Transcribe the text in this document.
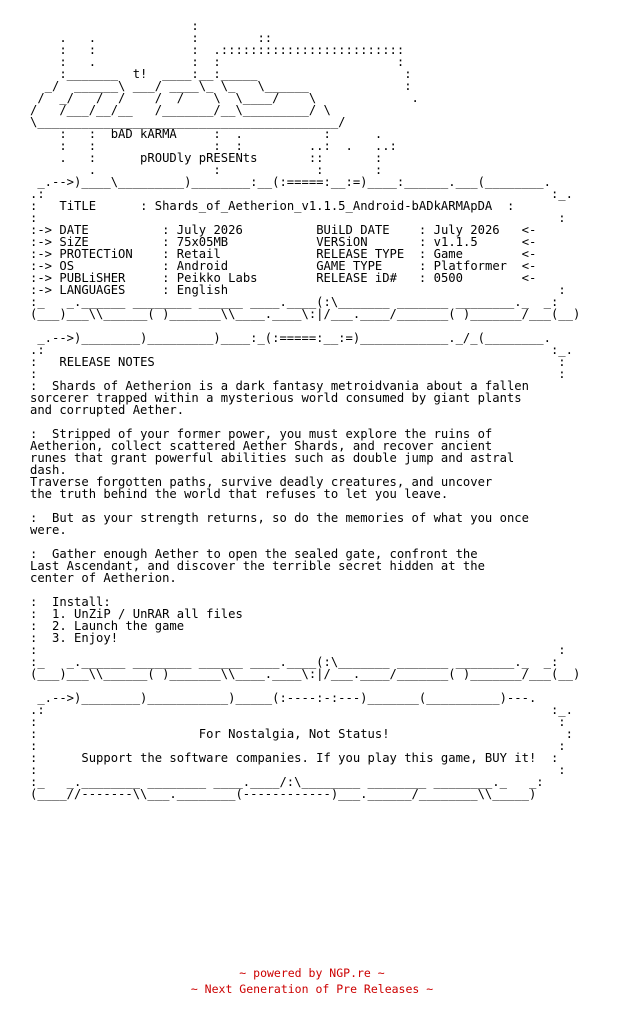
:
.   .             :        ::
:   :             :  .:::::::::::::::::::::::::
:   .             :  :                        :
:_______  t!  ____:__:_____                    :
_/  ______\ ___/ ____\_ \_   \______             :
/  _/   /  /    /  /    \  \____/    \             .
/   /___/__/__   /_______/__\_________/ \
\_________________________________________/
:   :  bAD kARMA     :  .           :      .
:   :                :  :         ..:  .   ..:
.   :      pROUDly pRESENts       ::       :
.                :             :       :
_.-->)____\_________)________:__(:=====:__:=)____:______.___(________.
.:                                                                     :_.
:   TiTLE      : Shards_of_Aetherion_v1.1.5_Android-bADkARMApDA  :
:                                                                       :
:-> DATE          : July 2026	BUiLD DATE    : July 2026   <-
:-> SiZE          : 75x05MB	VERSiON       : v1.1.5	<-
:-> PROTECTiON    : Retail	RELEASE TYPE  : Game	<-
:-> OS            : Android	GAME TYPE     : Platformer  <-
:-> PUBLiSHER     : Peikko Labs	RELEASE iD#   : 0500	<-
:-> LANGUAGES     : English	:
:_   _.______ ________ ______ ____.____(:\_______ _______ ________._  _:
(___)___\\______( )_______\\____.____\:|/___.____/_______( )_______/___(__)

_.-->)________)_________)____:_(:=====:__:=)____________._/_(________.
.:                                                                     :_.
:   RELEASE NOTES	:
:                                                                       :
:  Shards of Aetherion is a dark fantasy metroidvania about a fallen
sorcerer trapped within a mysterious world consumed by giant plants
and corrupted Aether.

:  Stripped of your former power, you must explore the ruins of
Aetherion, collect scattered Aether Shards, and recover ancient
runes that grant powerful abilities such as double jump and astral
dash.
Traverse forgotten paths, survive deadly creatures, and uncover
the truth behind the world that refuses to let you leave.

:  But as your strength returns, so do the memories of what you once
were.

:  Gather enough Aether to open the sealed gate, confront the
Last Ascendant, and discover the terrible secret hidden at the
center of Aetherion.

:  Install:
:  1. UnZiP / UnRAR all files
:  2. Launch the game
:  3. Enjoy!
:                                                                       :
:_   _.______ ________ ______ ____.____(:\_______ _______ ________._  _:
(___)___\\______( )_______\\____.____\:|/___.____/_______( )_______/___(__)

_.-->)________)___________)_____(:----:-:---)_______(__________)---.
.:                                                                     :_.
:                                                                       :
:	For Nostalgia, Not Status!	:
:                                                                       :
:	Support the software companies. If you play this game, BUY it!  :
:                                                                       :
:_   _.________ ________ ____.____/:\________ ________ ________._   _:
(____//-------\\___.________(------------)___.______/________\\_____)
~ powered by NGP.re ~
~ Next Generation of Pre Releases ~
